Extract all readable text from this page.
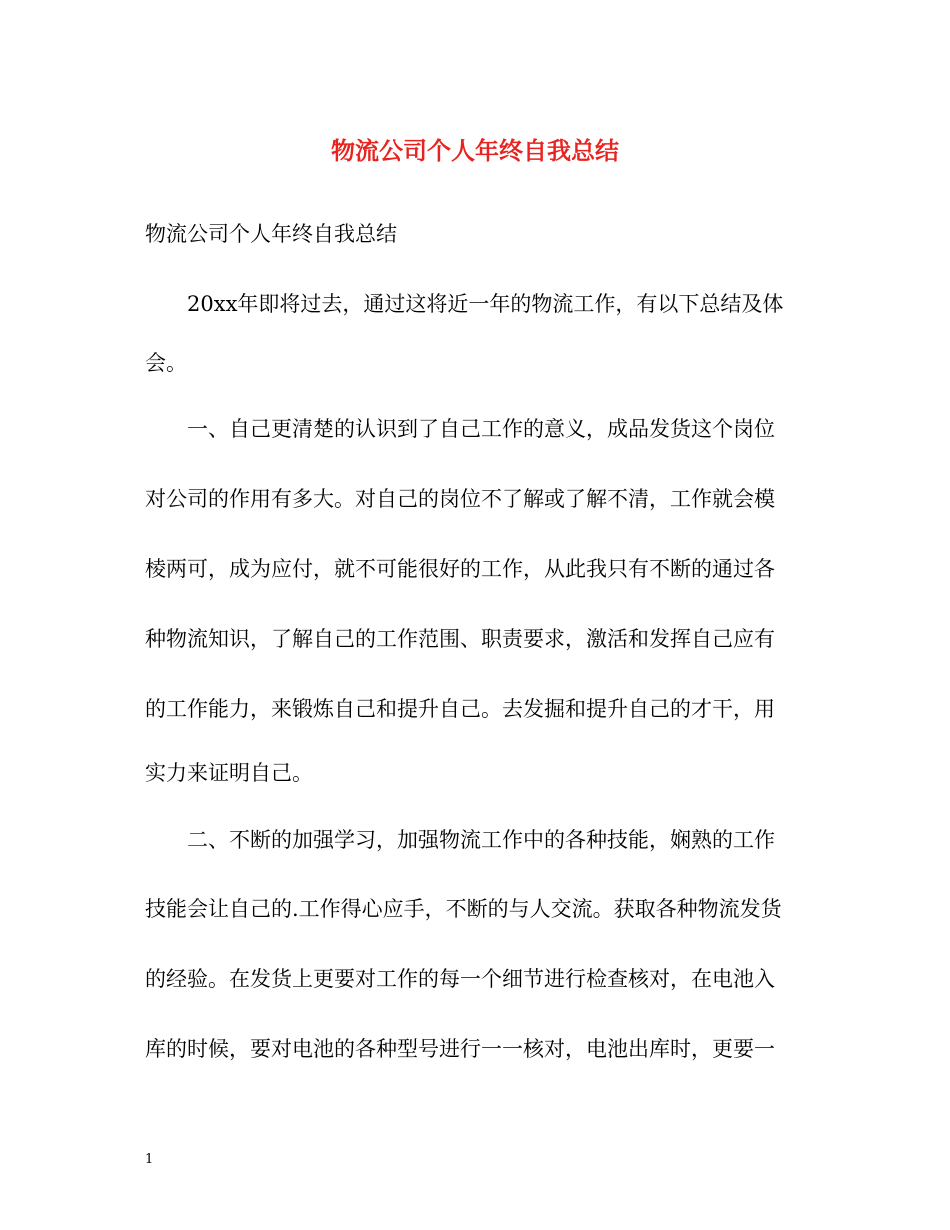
物流公司个人年终自我总结

物流公司个人年终自我总结

20xx年即将过去，通过这将近一年的物流工作，有以下总结及体

会。

一、自己更清楚的认识到了自己工作的意义，成品发货这个岗位

对公司的作用有多大。对自己的岗位不了解或了解不清，工作就会模

棱两可，成为应付，就不可能很好的工作，从此我只有不断的通过各

种物流知识，了解自己的工作范围、职责要求，激活和发挥自己应有

的工作能力，来锻炼自己和提升自己。去发掘和提升自己的才干，用

实力来证明自己。

二、不断的加强学习，加强物流工作中的各种技能，娴熟的工作

技能会让自己的.工作得心应手，不断的与人交流。获取各种物流发货

的经验。在发货上更要对工作的每一个细节进行检查核对，在电池入

库的时候，要对电池的各种型号进行一一核对，电池出库时，更要一

1
